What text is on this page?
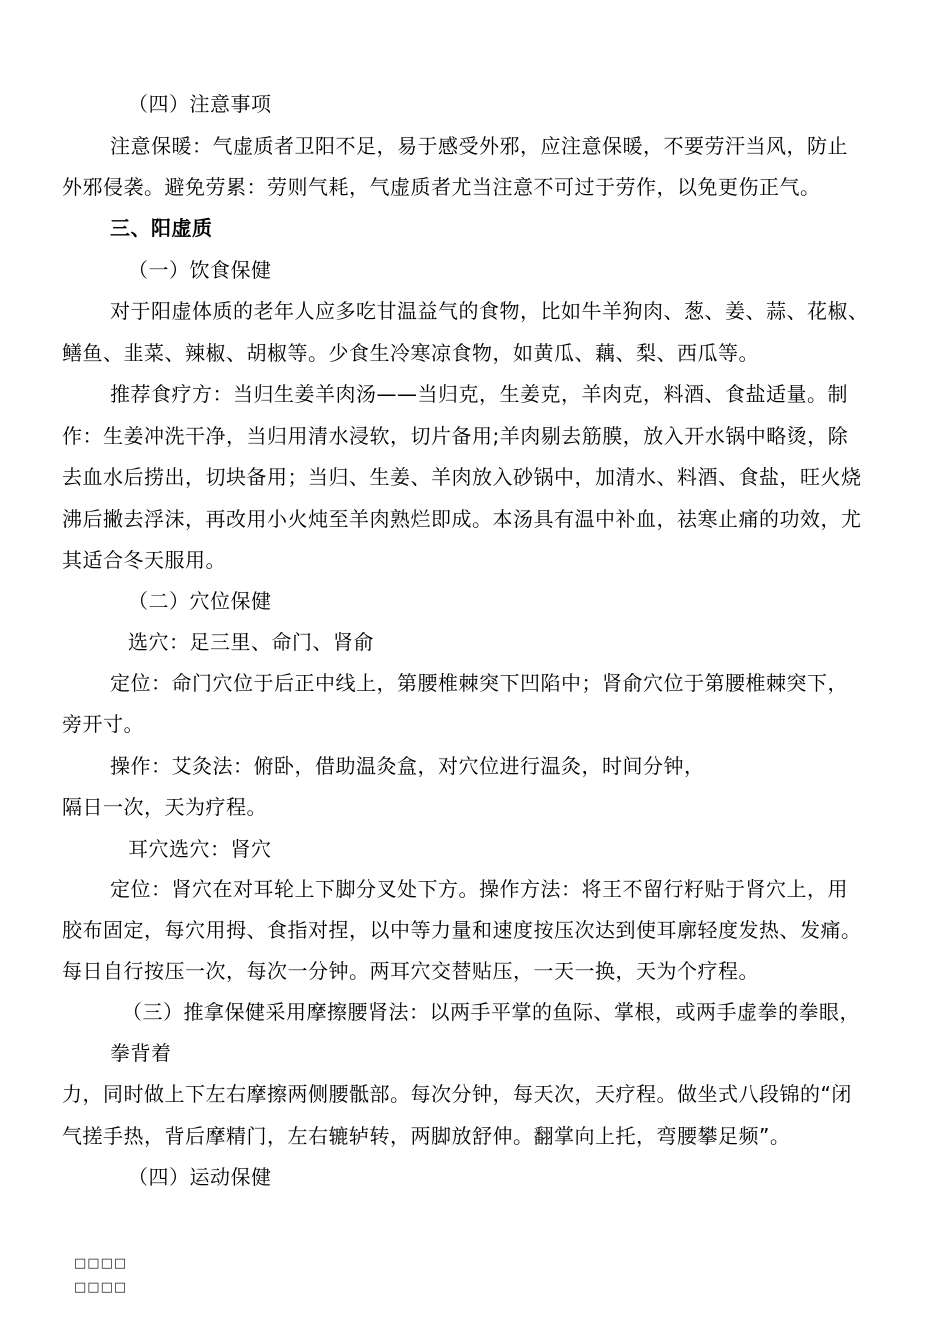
（四）注意事项
注意保暖：气虚质者卫阳不足，易于感受外邪，应注意保暖，不要劳汗当风，防止
外邪侵袭。避免劳累：劳则气耗，气虚质者尤当注意不可过于劳作，以免更伤正气。
三、阳虚质
（一）饮食保健
对于阳虚体质的老年人应多吃甘温益气的食物，比如牛羊狗肉、葱、姜、蒜、花椒、
鳝鱼、韭菜、辣椒、胡椒等。少食生冷寒凉食物，如黄瓜、藕、梨、西瓜等。
推荐食疗方：当归生姜羊肉汤——当归克，生姜克，羊肉克，料酒、食盐适量。制
作：生姜冲洗干净，当归用清水浸软，切片备用;羊肉剔去筋膜，放入开水锅中略烫，除
去血水后捞出，切块备用；当归、生姜、羊肉放入砂锅中，加清水、料酒、食盐，旺火烧
沸后撇去浮沫，再改用小火炖至羊肉熟烂即成。本汤具有温中补血，祛寒止痛的功效，尤
其适合冬天服用。
（二）穴位保健
选穴：足三里、命门、肾俞
定位：命门穴位于后正中线上，第腰椎棘突下凹陷中；肾俞穴位于第腰椎棘突下，
旁开寸。
操作：艾灸法：俯卧，借助温灸盒，对穴位进行温灸，时间分钟，
隔日一次，天为疗程。
耳穴选穴：肾穴
定位：肾穴在对耳轮上下脚分叉处下方。操作方法：将王不留行籽贴于肾穴上，用
胶布固定，每穴用拇、食指对捏，以中等力量和速度按压次达到使耳廓轻度发热、发痛。
每日自行按压一次，每次一分钟。两耳穴交替贴压，一天一换，天为个疗程。
（三）推拿保健采用摩擦腰肾法：以两手平掌的鱼际、掌根，或两手虚拳的拳眼，
拳背着
力，同时做上下左右摩擦两侧腰骶部。每次分钟，每天次，天疗程。做坐式八段锦的“闭
气搓手热，背后摩精门，左右辘轳转，两脚放舒伸。翻掌向上托，弯腰攀足频”。
（四）运动保健
□□□□
□□□□
